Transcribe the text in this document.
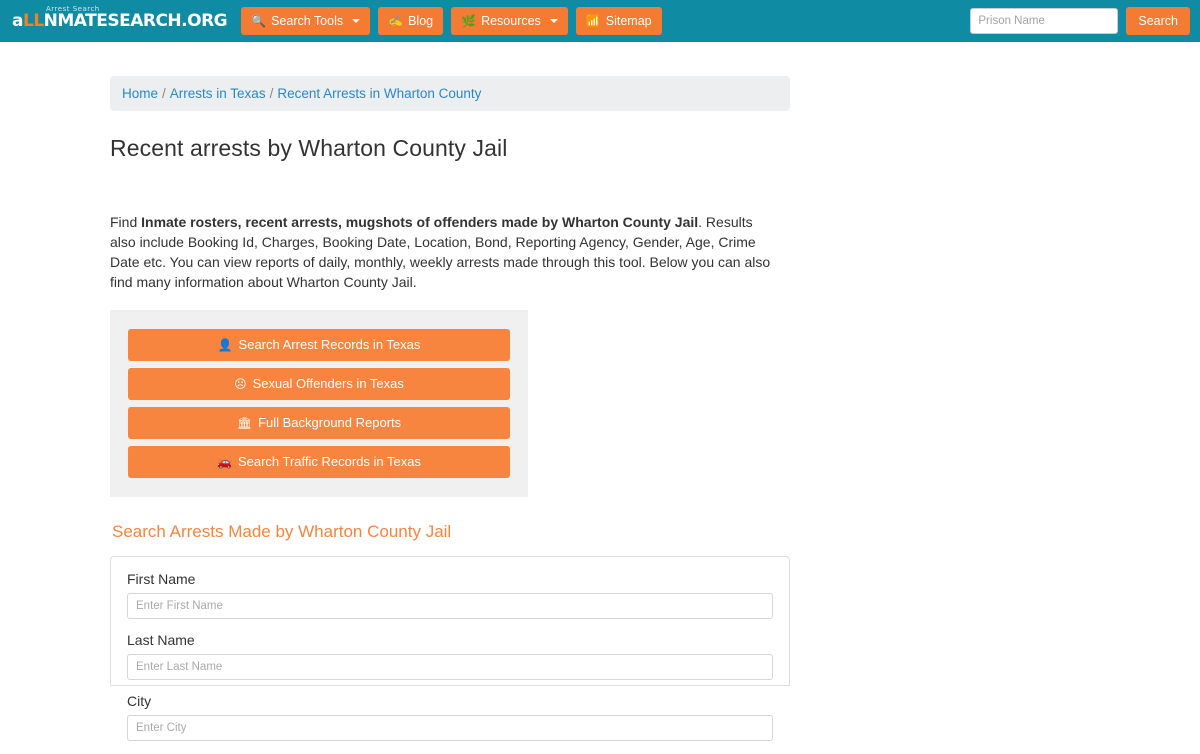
Arrest Search
aLLNMATESEARCH.ORG 🔍 Search Tools	✍ Blog 🌿 Resources	📶 Sitemap
Prison Name	Search
Home / Arrests in Texas / Recent Arrests in Wharton County
Recent arrests by Wharton County Jail

Find Inmate rosters, recent arrests, mugshots of offenders made by Wharton County Jail. Results also include Booking Id, Charges, Booking Date, Location, Bond, Reporting Agency, Gender, Age, Crime Date etc. You can view reports of daily, monthly, weekly arrests made through this tool. Below you can also find many information about Wharton County Jail.

👤 Search Arrest Records in Texas
☹ Sexual Offenders in Texas
🏛 Full Background Reports
🚗 Search Traffic Records in Texas
Search Arrests Made by Wharton County Jail
First Name
Enter First Name
Last Name
Enter Last Name
City
Enter City
